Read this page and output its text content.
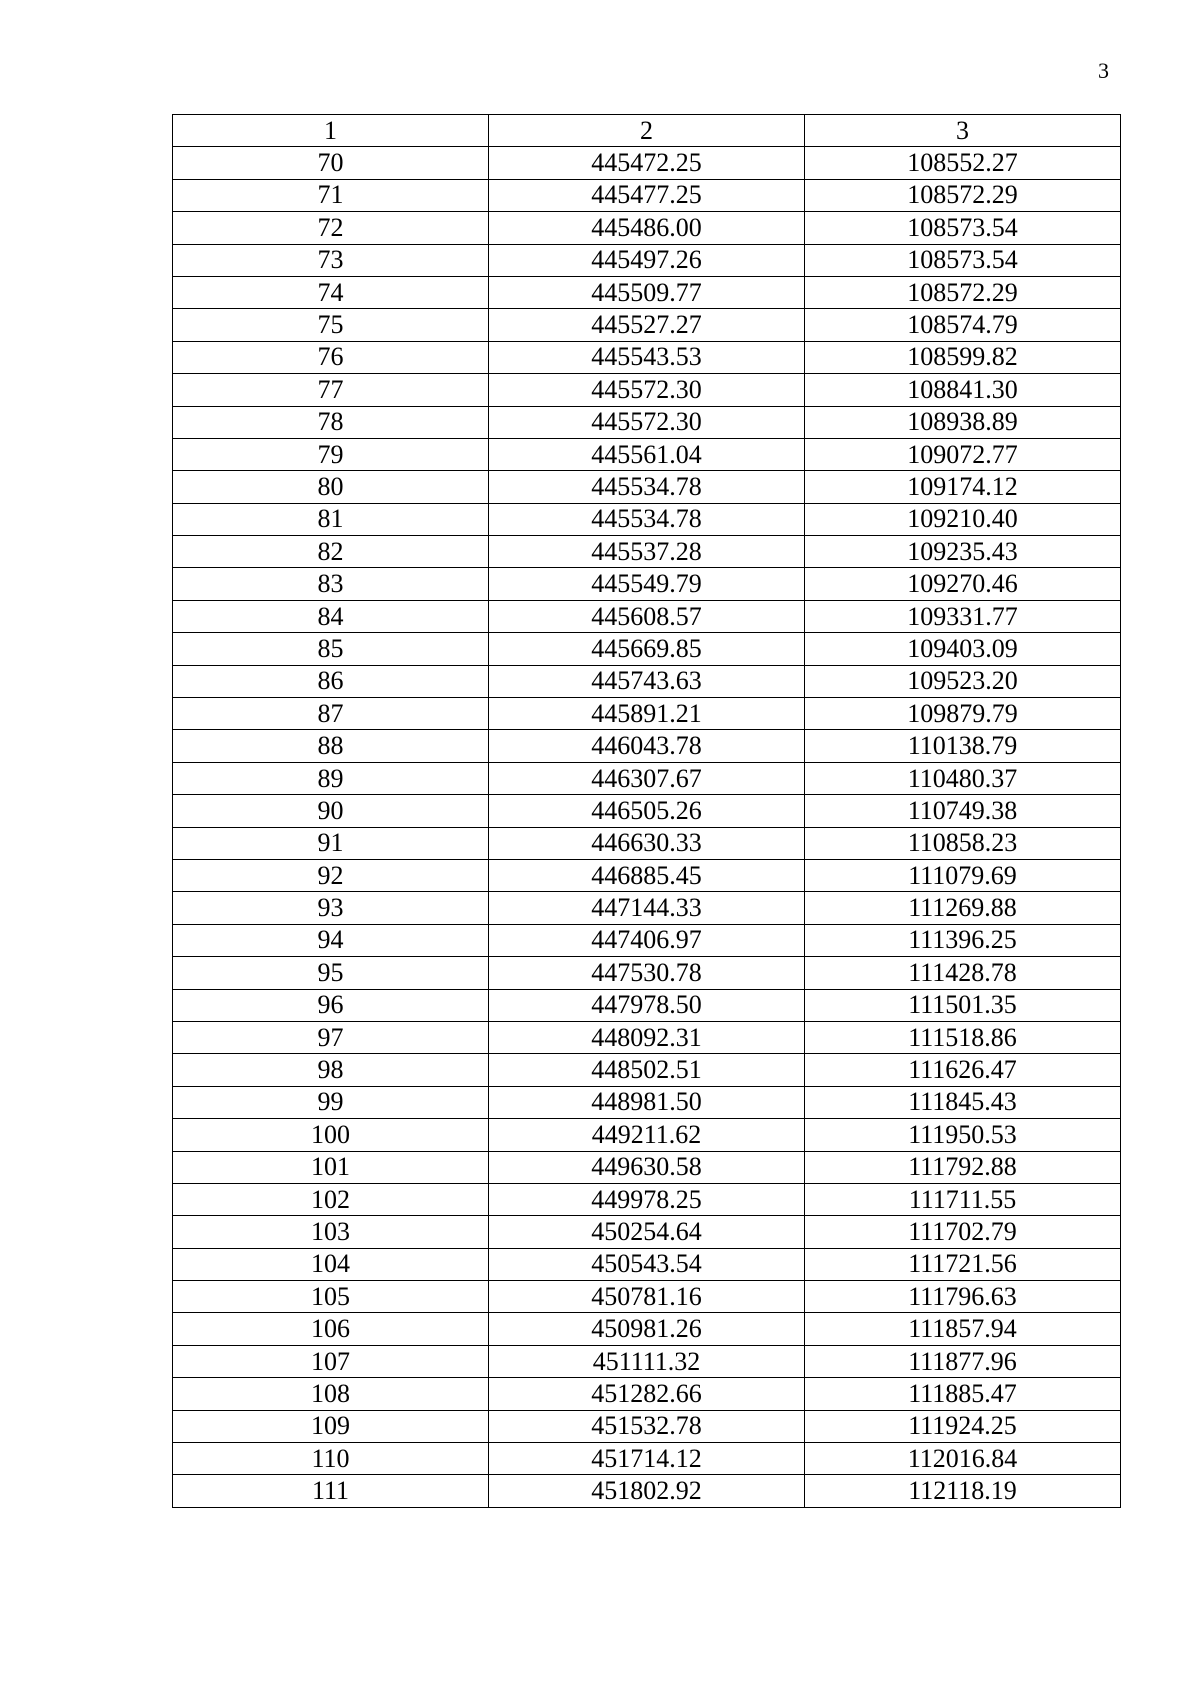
3
1	2	3
70	445472.25	108552.27
71	445477.25	108572.29
72	445486.00	108573.54
73	445497.26	108573.54
74	445509.77	108572.29
75	445527.27	108574.79
76	445543.53	108599.82
77	445572.30	108841.30
78	445572.30	108938.89
79	445561.04	109072.77
80	445534.78	109174.12
81	445534.78	109210.40
82	445537.28	109235.43
83	445549.79	109270.46
84	445608.57	109331.77
85	445669.85	109403.09
86	445743.63	109523.20
87	445891.21	109879.79
88	446043.78	110138.79
89	446307.67	110480.37
90	446505.26	110749.38
91	446630.33	110858.23
92	446885.45	111079.69
93	447144.33	111269.88
94	447406.97	111396.25
95	447530.78	111428.78
96	447978.50	111501.35
97	448092.31	111518.86
98	448502.51	111626.47
99	448981.50	111845.43
100	449211.62	111950.53
101	449630.58	111792.88
102	449978.25	111711.55
103	450254.64	111702.79
104	450543.54	111721.56
105	450781.16	111796.63
106	450981.26	111857.94
107	451111.32	111877.96
108	451282.66	111885.47
109	451532.78	111924.25
110	451714.12	112016.84
111	451802.92	112118.19
